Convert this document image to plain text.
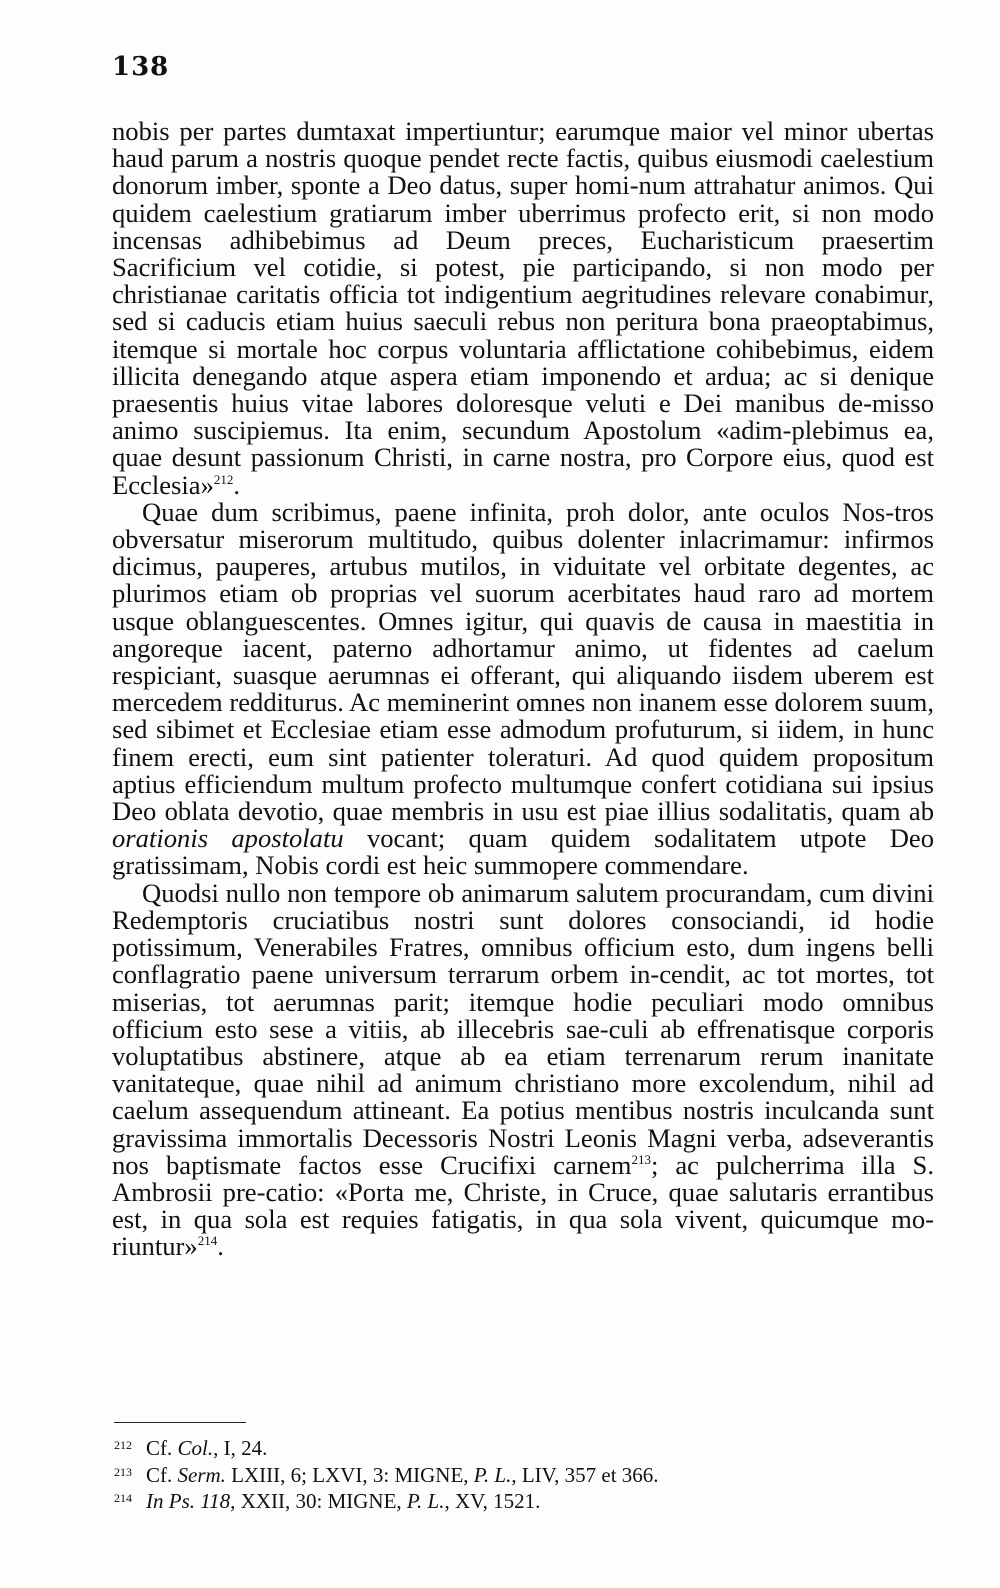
138

nobis per partes dumtaxat impertiuntur; earumque maior vel minor ubertas haud parum a nostris quoque pendet recte factis, quibus eiusmodi caelestium donorum imber, sponte a Deo datus, super homi-num attrahatur animos. Qui quidem caelestium gratiarum imber uberrimus profecto erit, si non modo incensas adhibebimus ad Deum preces, Eucharisticum praesertim Sacrificium vel cotidie, si potest, pie participando, si non modo per christianae caritatis officia tot indigentium aegritudines relevare conabimur, sed si caducis etiam huius saeculi rebus non peritura bona praeoptabimus, itemque si mortale hoc corpus voluntaria afflictatione cohibebimus, eidem illicita denegando atque aspera etiam imponendo et ardua; ac si denique praesentis huius vitae labores doloresque veluti e Dei manibus de-misso animo suscipiemus. Ita enim, secundum Apostolum «adim-plebimus ea, quae desunt passionum Christi, in carne nostra, pro Corpore eius, quod est Ecclesia»$^{212}$.

Quae dum scribimus, paene infinita, proh dolor, ante oculos Nos-tros obversatur miserorum multitudo, quibus dolenter inlacrimamur: infirmos dicimus, pauperes, artubus mutilos, in viduitate vel orbitate degentes, ac plurimos etiam ob proprias vel suorum acerbitates haud raro ad mortem usque oblanguescentes. Omnes igitur, qui quavis de causa in maestitia in angoreque iacent, paterno adhortamur animo, ut fidentes ad caelum respiciant, suasque aerumnas ei offerant, qui aliquando iisdem uberem est mercedem redditurus. Ac meminerint omnes non inanem esse dolorem suum, sed sibimet et Ecclesiae etiam esse admodum profuturum, si iidem, in hunc finem erecti, eum sint patienter toleraturi. Ad quod quidem propositum aptius efficiendum multum profecto multumque confert cotidiana sui ipsius Deo oblata devotio, quae membris in usu est piae illius sodalitatis, quam ab orationis apostolatu vocant; quam quidem sodalitatem utpote Deo gratissimam, Nobis cordi est heic summopere commendare.

Quodsi nullo non tempore ob animarum salutem procurandam, cum divini Redemptoris cruciatibus nostri sunt dolores consociandi, id hodie potissimum, Venerabiles Fratres, omnibus officium esto, dum ingens belli conflagratio paene universum terrarum orbem in-cendit, ac tot mortes, tot miserias, tot aerumnas parit; itemque hodie peculiari modo omnibus officium esto sese a vitiis, ab illecebris sae-culi ab effrenatisque corporis voluptatibus abstinere, atque ab ea etiam terrenarum rerum inanitate vanitateque, quae nihil ad animum christiano more excolendum, nihil ad caelum assequendum attineant. Ea potius mentibus nostris inculcanda sunt gravissima immortalis Decessoris Nostri Leonis Magni verba, adseverantis nos baptismate factos esse Crucifixi carnem$^{213}$; ac pulcherrima illa S. Ambrosii pre-catio: «Porta me, Christe, in Cruce, quae salutaris errantibus est, in qua sola est requies fatigatis, in qua sola vivent, quicumque mo-riuntur»$^{214}$.

212 Cf. Col., I, 24.
213 Cf. Serm. LXIII, 6; LXVI, 3: MIGNE, P. L., LIV, 357 et 366.
214 In Ps. 118, XXII, 30: MIGNE, P. L., XV, 1521.
